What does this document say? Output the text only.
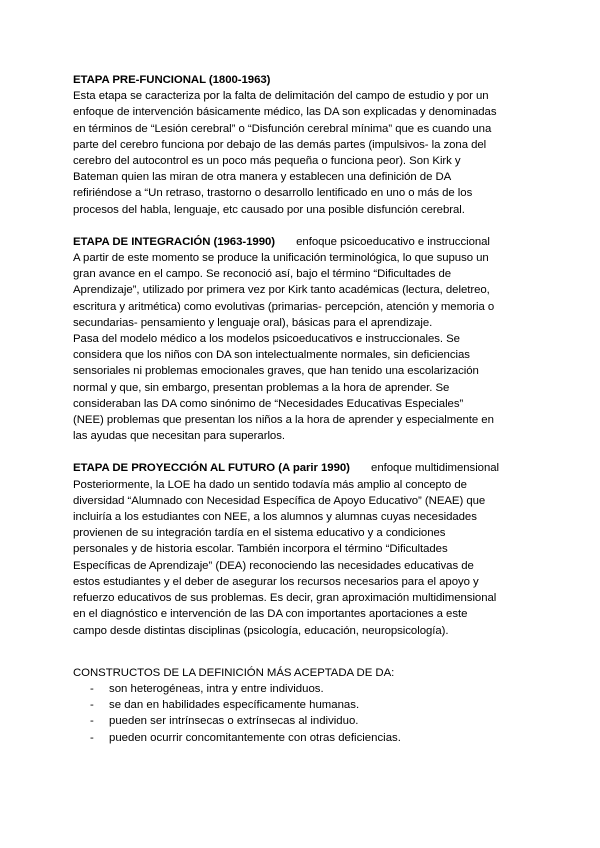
ETAPA PRE-FUNCIONAL (1800-1963)
Esta etapa se caracteriza por la falta de delimitación del campo de estudio y por un
enfoque de intervención básicamente médico, las DA son explicadas y denominadas
en términos de “Lesión cerebral” o “Disfunción cerebral mínima” que es cuando una
parte del cerebro funciona por debajo de las demás partes (impulsivos- la zona del
cerebro del autocontrol es un poco más pequeña o funciona peor). Son Kirk y
Bateman quien las miran de otra manera y establecen una definición de DA
refiriéndose a “Un retraso, trastorno o desarrollo lentificado en uno o más de los
procesos del habla, lenguaje, etc causado por una posible disfunción cerebral.
ETAPA DE INTEGRACIÓN (1963-1990) enfoque psicoeducativo e instruccional
A partir de este momento se produce la unificación terminológica, lo que supuso un
gran avance en el campo. Se reconoció así, bajo el término “Dificultades de
Aprendizaje”, utilizado por primera vez por Kirk tanto académicas (lectura, deletreo,
escritura y aritmética) como evolutivas (primarias- percepción, atención y memoria o
secundarias- pensamiento y lenguaje oral), básicas para el aprendizaje.
Pasa del modelo médico a los modelos psicoeducativos e instruccionales. Se
considera que los niños con DA son intelectualmente normales, sin deficiencias
sensoriales ni problemas emocionales graves, que han tenido una escolarización
normal y que, sin embargo, presentan problemas a la hora de aprender. Se
consideraban las DA como sinónimo de “Necesidades Educativas Especiales”
(NEE) problemas que presentan los niños a la hora de aprender y especialmente en
las ayudas que necesitan para superarlos.
ETAPA DE PROYECCIÓN AL FUTURO (A parir 1990) enfoque multidimensional
Posteriormente, la LOE ha dado un sentido todavía más amplio al concepto de
diversidad “Alumnado con Necesidad Específica de Apoyo Educativo” (NEAE) que
incluiría a los estudiantes con NEE, a los alumnos y alumnas cuyas necesidades
provienen de su integración tardía en el sistema educativo y a condiciones
personales y de historia escolar. También incorpora el término “Dificultades
Específicas de Aprendizaje” (DEA) reconociendo las necesidades educativas de
estos estudiantes y el deber de asegurar los recursos necesarios para el apoyo y
refuerzo educativos de sus problemas. Es decir, gran aproximación multidimensional
en el diagnóstico e intervención de las DA con importantes aportaciones a este
campo desde distintas disciplinas (psicología, educación, neuropsicología).
CONSTRUCTOS DE LA DEFINICIÓN MÁS ACEPTADA DE DA:
- son heterogéneas, intra y entre individuos.
- se dan en habilidades específicamente humanas.
- pueden ser intrínsecas o extrínsecas al individuo.
- pueden ocurrir concomitantemente con otras deficiencias.
